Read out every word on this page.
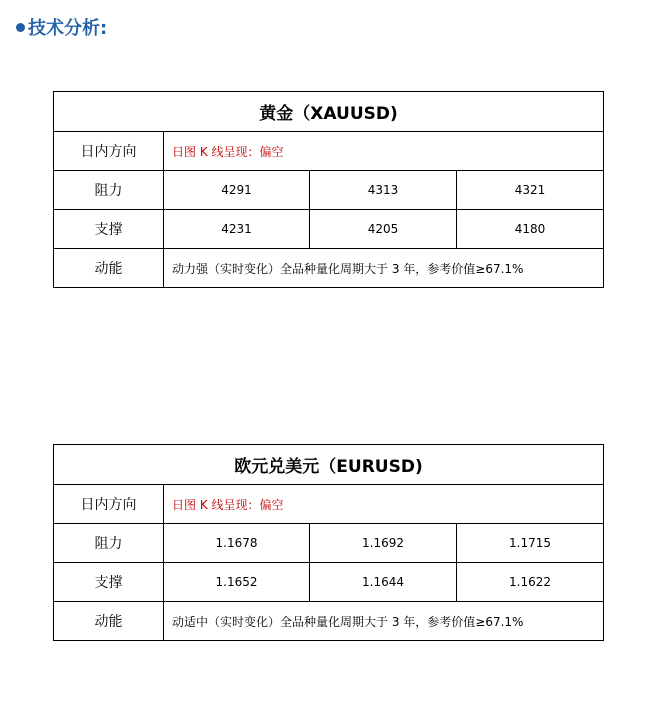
技术分析:
黄金（XAUUSD)			
日内方向	日图 K 线呈现：偏空		
阻力	4291	4313	4321
支撑	4231	4205	4180
动能	动力强（实时变化）全品种量化周期大于 3 年，参考价值≥67.1%		
欧元兑美元（EURUSD)			
日内方向	日图 K 线呈现：偏空		
阻力	1.1678	1.1692	1.1715
支撑	1.1652	1.1644	1.1622
动能	动适中（实时变化）全品种量化周期大于 3 年，参考价值≥67.1%		
